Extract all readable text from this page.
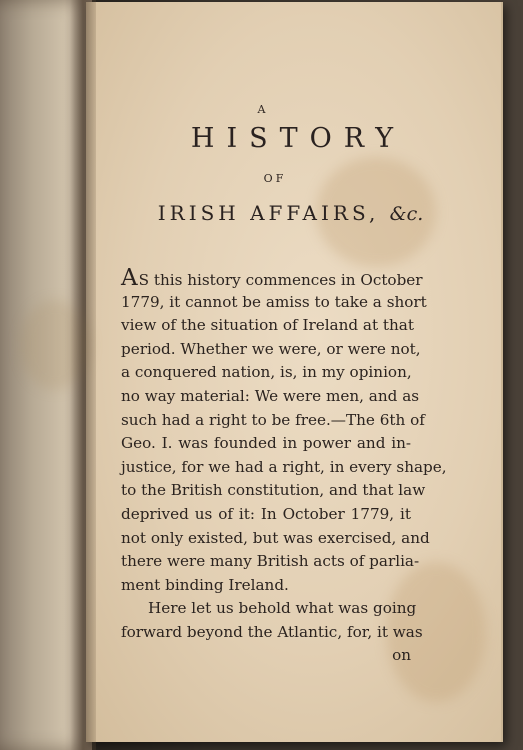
A
HISTORY
OF
IRISH AFFAIRS, &c.
AS this history commences in October
1779, it cannot be amiss to take a short
view of the situation of Ireland at that
period. Whether we were, or were not,
a conquered nation, is, in my opinion,
no way material: We were men, and as
such had a right to be free.—The 6th of
Geo. I. was founded in power and in-
justice, for we had a right, in every shape,
to the British constitution, and that law
deprived us of it: In October 1779, it
not only existed, but was exercised, and
there were many British acts of parlia-
ment binding Ireland.
Here let us behold what was going
forward beyond the Atlantic, for, it was
on
